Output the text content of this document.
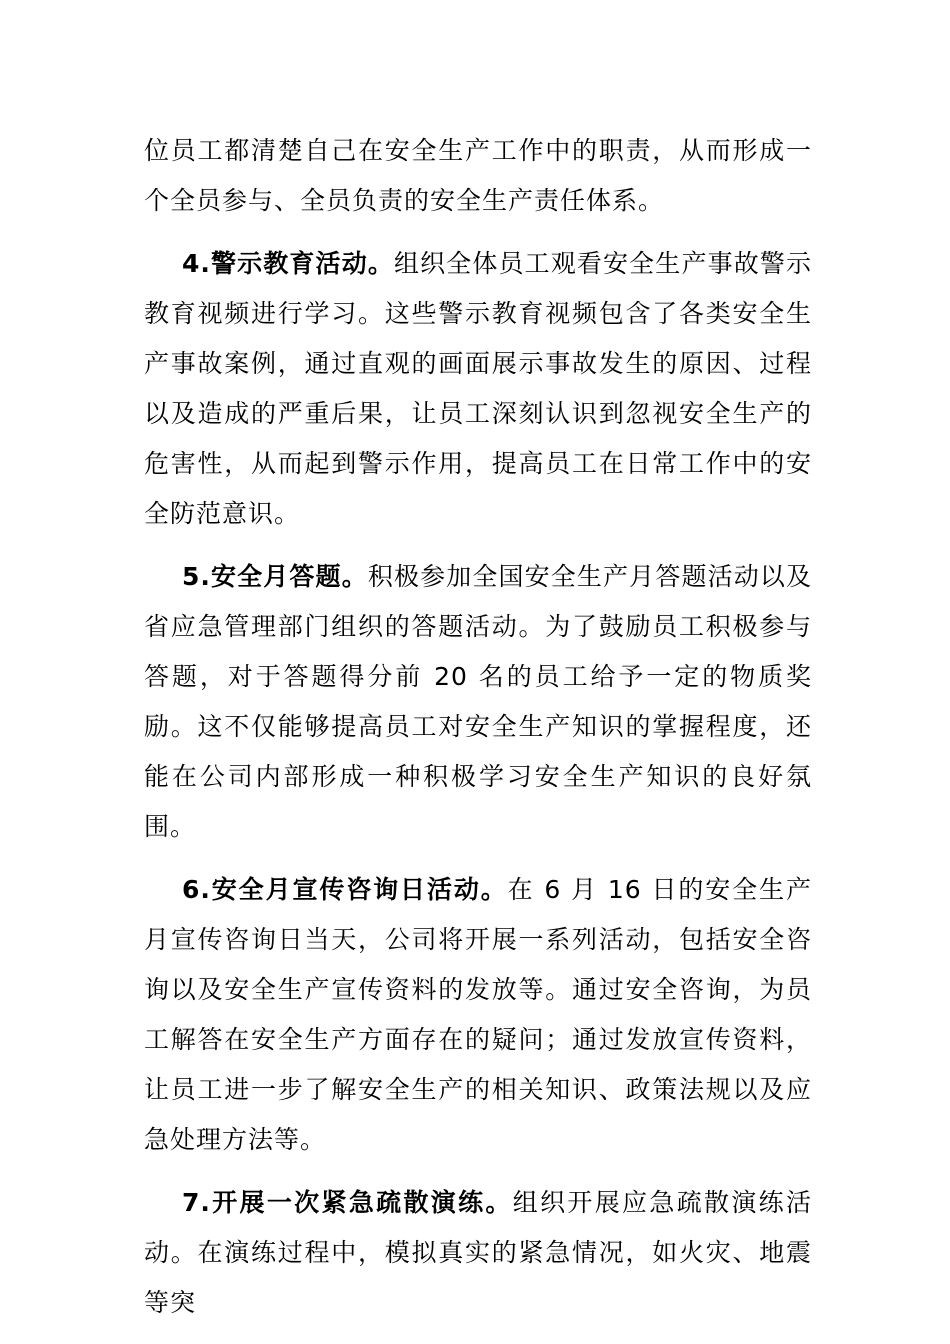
位员工都清楚自己在安全生产工作中的职责，从而形成一个全员参与、全员负责的安全生产责任体系。

4.警示教育活动。组织全体员工观看安全生产事故警示教育视频进行学习。这些警示教育视频包含了各类安全生产事故案例，通过直观的画面展示事故发生的原因、过程以及造成的严重后果，让员工深刻认识到忽视安全生产的危害性，从而起到警示作用，提高员工在日常工作中的安全防范意识。

5.安全月答题。积极参加全国安全生产月答题活动以及省应急管理部门组织的答题活动。为了鼓励员工积极参与答题，对于答题得分前 20 名的员工给予一定的物质奖励。这不仅能够提高员工对安全生产知识的掌握程度，还能在公司内部形成一种积极学习安全生产知识的良好氛围。

6.安全月宣传咨询日活动。在 6 月 16 日的安全生产月宣传咨询日当天，公司将开展一系列活动，包括安全咨询以及安全生产宣传资料的发放等。通过安全咨询，为员工解答在安全生产方面存在的疑问；通过发放宣传资料，让员工进一步了解安全生产的相关知识、政策法规以及应急处理方法等。

7.开展一次紧急疏散演练。组织开展应急疏散演练活动。在演练过程中，模拟真实的紧急情况，如火灾、地震等突
